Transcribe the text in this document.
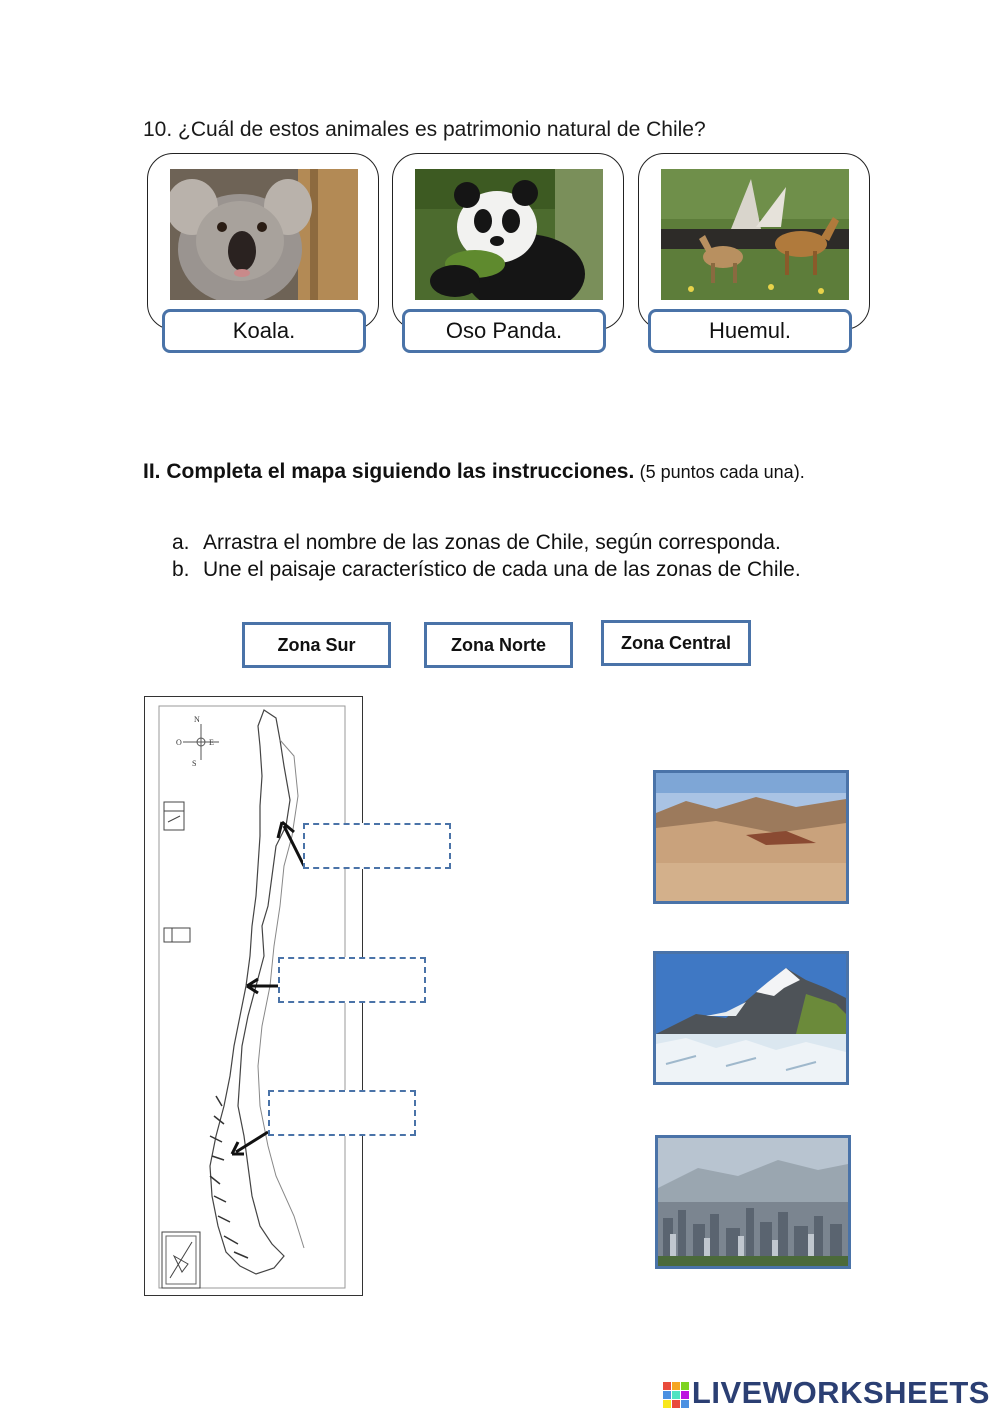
10. ¿Cuál de estos animales es patrimonio natural de Chile?
Koala.	Oso Panda.	Huemul.
II. Completa el mapa siguiendo las instrucciones. (5 puntos cada una).
a. Arrastra el nombre de las zonas de Chile, según corresponda.
b. Une el paisaje característico de cada una de las zonas de Chile.
Zona Sur	Zona Norte	Zona Central
N
O	E
S
LIVEWORKSHEETS
